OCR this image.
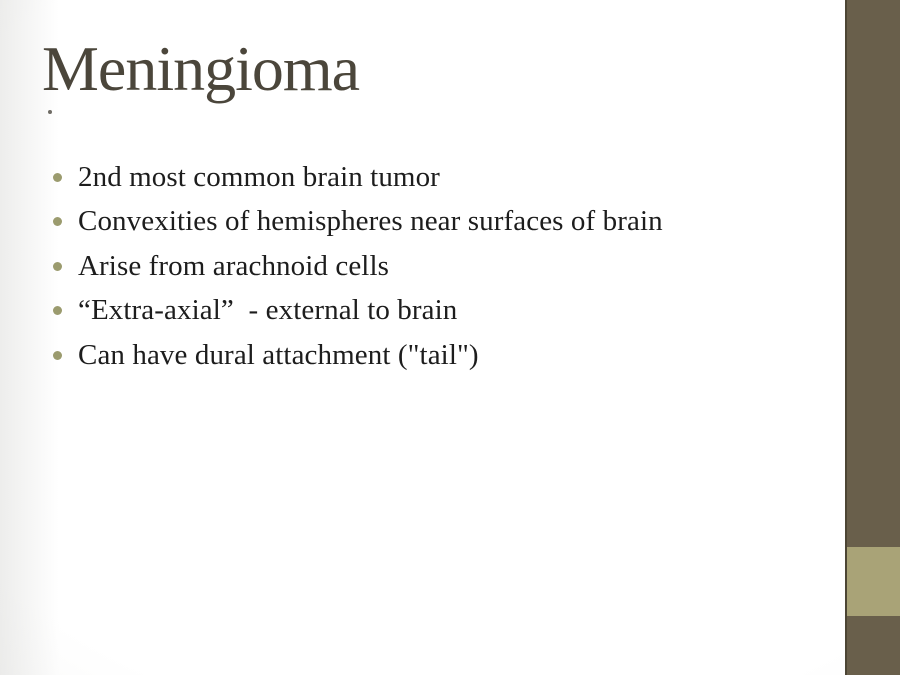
Meningioma
2nd most common brain tumor
Convexities of hemispheres near surfaces of brain
Arise from arachnoid cells
“Extra-axial”  - external to brain
Can have dural attachment ("tail")
